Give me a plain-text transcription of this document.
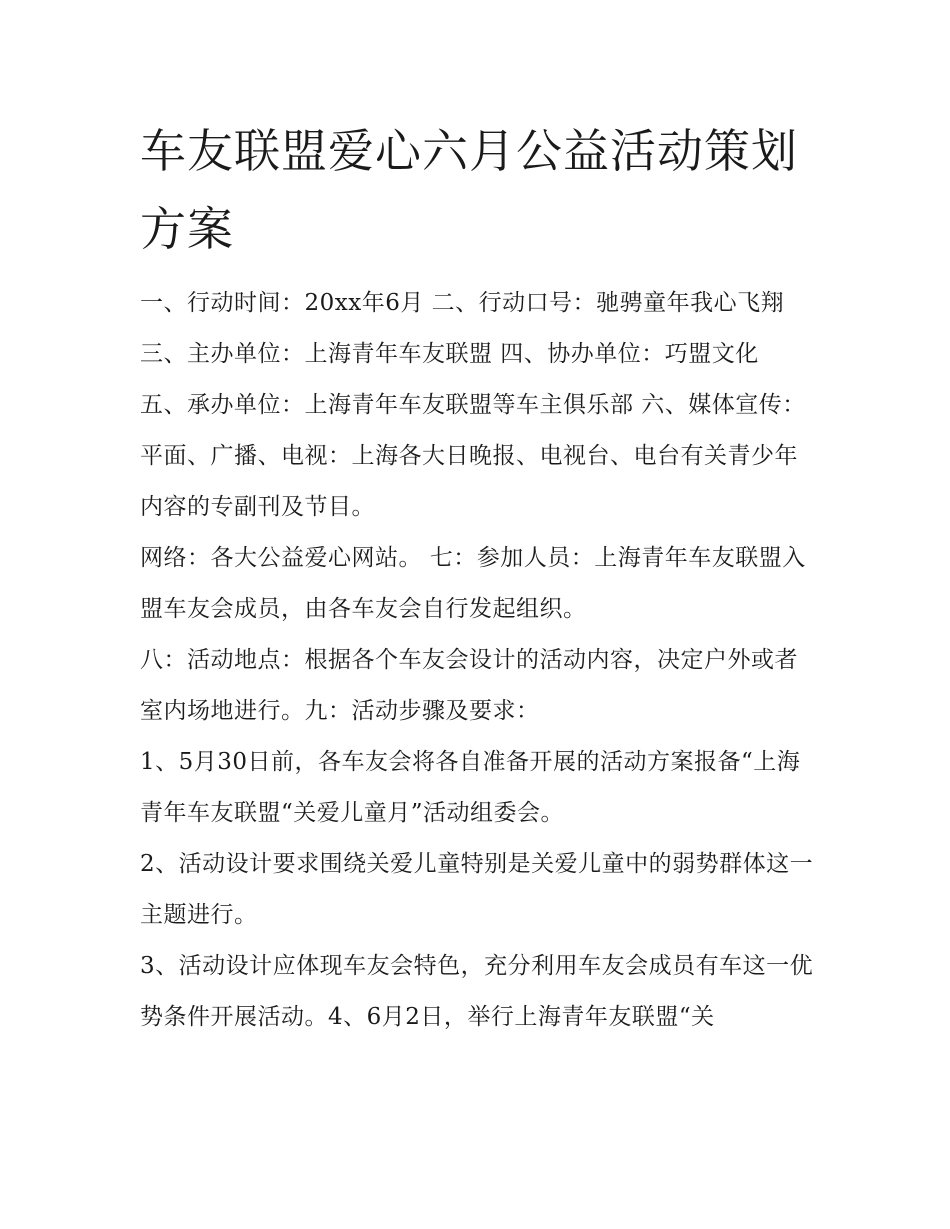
车友联盟爱心六月公益活动策划方案

一、行动时间：20xx年6月 二、行动口号：驰骋童年我心飞翔 三、主办单位：上海青年车友联盟 四、协办单位：巧盟文化

五、承办单位：上海青年车友联盟等车主俱乐部 六、媒体宣传： 平面、广播、电视：上海各大日晚报、电视台、电台有关青少年内容的专副刊及节目。

网络：各大公益爱心网站。 七：参加人员：上海青年车友联盟入盟车友会成员，由各车友会自行发起组织。

八：活动地点：根据各个车友会设计的活动内容，决定户外或者室内场地进行。九：活动步骤及要求：

1、5月30日前，各车友会将各自准备开展的活动方案报备“上海青年车友联盟“关爱儿童月”活动组委会。

2、活动设计要求围绕关爱儿童特别是关爱儿童中的弱势群体这一主题进行。

3、活动设计应体现车友会特色，充分利用车友会成员有车这一优势条件开展活动。4、6月2日，举行上海青年友联盟“关
